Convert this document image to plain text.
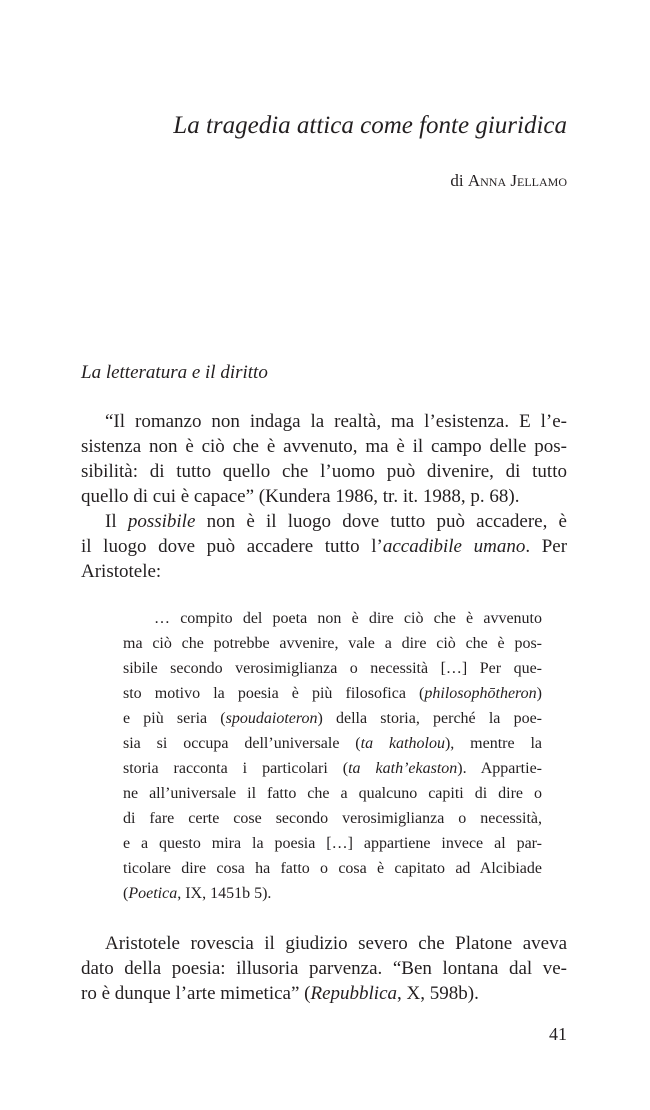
La tragedia attica come fonte giuridica
di Anna Jellamo
La letteratura e il diritto
“Il romanzo non indaga la realtà, ma l’esistenza. E l’e-
sistenza non è ciò che è avvenuto, ma è il campo delle pos-
sibilità: di tutto quello che l’uomo può divenire, di tutto
quello di cui è capace” (Kundera 1986, tr. it. 1988, p. 68).
Il possibile non è il luogo dove tutto può accadere, è
il luogo dove può accadere tutto l’accadibile umano. Per
Aristotele:
… compito del poeta non è dire ciò che è avvenuto
ma ciò che potrebbe avvenire, vale a dire ciò che è pos-
sibile secondo verosimiglianza o necessità […] Per que-
sto motivo la poesia è più filosofica (philosophōtheron)
e più seria (spoudaioteron) della storia, perché la poe-
sia si occupa dell’universale (ta katholou), mentre la
storia racconta i particolari (ta kath’ekaston). Appartie-
ne all’universale il fatto che a qualcuno capiti di dire o
di fare certe cose secondo verosimiglianza o necessità,
e a questo mira la poesia […] appartiene invece al par-
ticolare dire cosa ha fatto o cosa è capitato ad Alcibiade
(Poetica, IX, 1451b 5).
Aristotele rovescia il giudizio severo che Platone aveva
dato della poesia: illusoria parvenza. “Ben lontana dal ve-
ro è dunque l’arte mimetica” (Repubblica, X, 598b).
41
